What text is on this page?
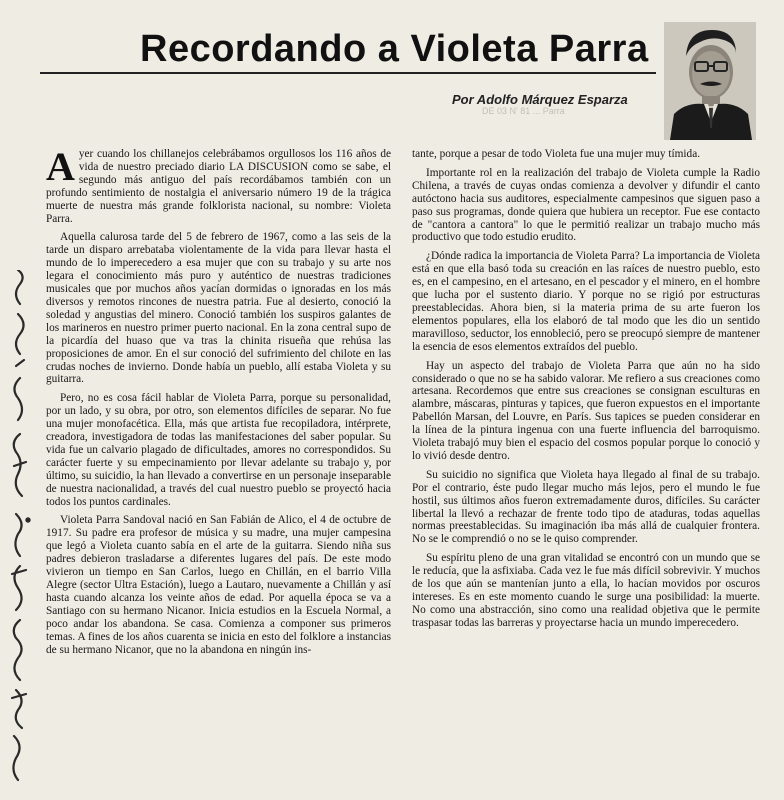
Recordando a Violeta Parra
Por Adolfo Márquez Esparza
DE 03 N' 81 ... Parra

Ayer cuando los chillanejos celebrábamos orgullosos los 116 años de vida de nuestro preciado diario LA DISCUSION como se sabe, el segundo más antiguo del país recordábamos también con un profundo sentimiento de nostalgia el aniversario número 19 de la trágica muerte de nuestra más grande folklorista nacional, su nombre: Violeta Parra.

Aquella calurosa tarde del 5 de febrero de 1967, como a las seis de la tarde un disparo arrebataba violentamente de la vida para llevar hasta el mundo de lo imperecedero a esa mujer que con su trabajo y su arte nos legara el conocimiento más puro y auténtico de nuestras tradiciones musicales que por muchos años yacían dormidas o ignoradas en los más diversos y remotos rincones de nuestra patria. Fue al desierto, conoció la soledad y angustias del minero. Conoció también los suspiros galantes de los marineros en nuestro primer puerto nacional. En la zona central supo de la picardía del huaso que va tras la chinita risueña que rehúsa las proposiciones de amor. En el sur conoció del sufrimiento del chilote en las crudas noches de invierno. Donde había un pueblo, allí estaba Violeta y su guitarra.

Pero, no es cosa fácil hablar de Violeta Parra, porque su personalidad, por un lado, y su obra, por otro, son elementos difíciles de separar. No fue una mujer monofacética. Ella, más que artista fue recopiladora, intérprete, creadora, investigadora de todas las manifestaciones del saber popular. Su vida fue un calvario plagado de dificultades, amores no correspondidos. Su carácter fuerte y su empecinamiento por llevar adelante su trabajo y, por último, su suicidio, la han llevado a convertirse en un personaje inseparable de nuestra nacionalidad, a través del cual nuestro pueblo se proyectó hacia todos los puntos cardinales.

Violeta Parra Sandoval nació en San Fabián de Alico, el 4 de octubre de 1917. Su padre era profesor de música y su madre, una mujer campesina que legó a Violeta cuanto sabía en el arte de la guitarra. Siendo niña sus padres debieron trasladarse a diferentes lugares del país. De este modo vivieron un tiempo en San Carlos, luego en Chillán, en el barrio Villa Alegre (sector Ultra Estación), luego a Lautaro, nuevamente a Chillán y así hasta cuando alcanza los veinte años de edad. Por aquella época se va a Santiago con su hermano Nicanor. Inicia estudios en la Escuela Normal, a poco andar los abandona. Se casa. Comienza a componer sus primeros temas. A fines de los años cuarenta se inicia en esto del folklore a instancias de su hermano Nicanor, que no la abandona en ningún ins-

tante, porque a pesar de todo Violeta fue una mujer muy tímida.

Importante rol en la realización del trabajo de Violeta cumple la Radio Chilena, a través de cuyas ondas comienza a devolver y difundir el canto autóctono hacia sus auditores, especialmente campesinos que siguen paso a paso sus programas, donde quiera que hubiera un receptor. Fue ese contacto de "cantora a cantora" lo que le permitió realizar un trabajo mucho más productivo que todo estudio erudito.

¿Dónde radica la importancia de Violeta Parra? La importancia de Violeta está en que ella basó toda su creación en las raíces de nuestro pueblo, esto es, en el campesino, en el artesano, en el pescador y el minero, en el hombre que lucha por el sustento diario. Y porque no se rigió por estructuras preestablecidas. Ahora bien, si la materia prima de su arte fueron los elementos populares, ella los elaboró de tal modo que les dio un sentido maravilloso, seductor, los ennobleció, pero se preocupó siempre de mantener la esencia de esos elementos extraídos del pueblo.

Hay un aspecto del trabajo de Violeta Parra que aún no ha sido considerado o que no se ha sabido valorar. Me refiero a sus creaciones como artesana. Recordemos que entre sus creaciones se consignan esculturas en alambre, máscaras, pinturas y tapices, que fueron expuestos en el importante Pabellón Marsan, del Louvre, en París. Sus tapices se pueden considerar en la línea de la pintura ingenua con una fuerte influencia del barroquismo. Violeta trabajó muy bien el espacio del cosmos popular porque lo conoció y lo vivió desde dentro.

Su suicidio no significa que Violeta haya llegado al final de su trabajo. Por el contrario, éste pudo llegar mucho más lejos, pero el mundo le fue hostil, sus últimos años fueron extremadamente duros, difíciles. Su carácter libertal la llevó a rechazar de frente todo tipo de ataduras, todas aquellas normas preestablecidas. Su imaginación iba más allá de cualquier frontera. No se le comprendió o no se le quiso comprender.

Su espíritu pleno de una gran vitalidad se encontró con un mundo que se le reducía, que la asfixiaba. Cada vez le fue más difícil sobrevivir. Y muchos de los que aún se mantenían junto a ella, lo hacían movidos por oscuros intereses. Es en este momento cuando le surge una posibilidad: la muerte. No como una abstracción, sino como una realidad objetiva que le permite traspasar todas las barreras y proyectarse hacia un mundo imperecedero.
